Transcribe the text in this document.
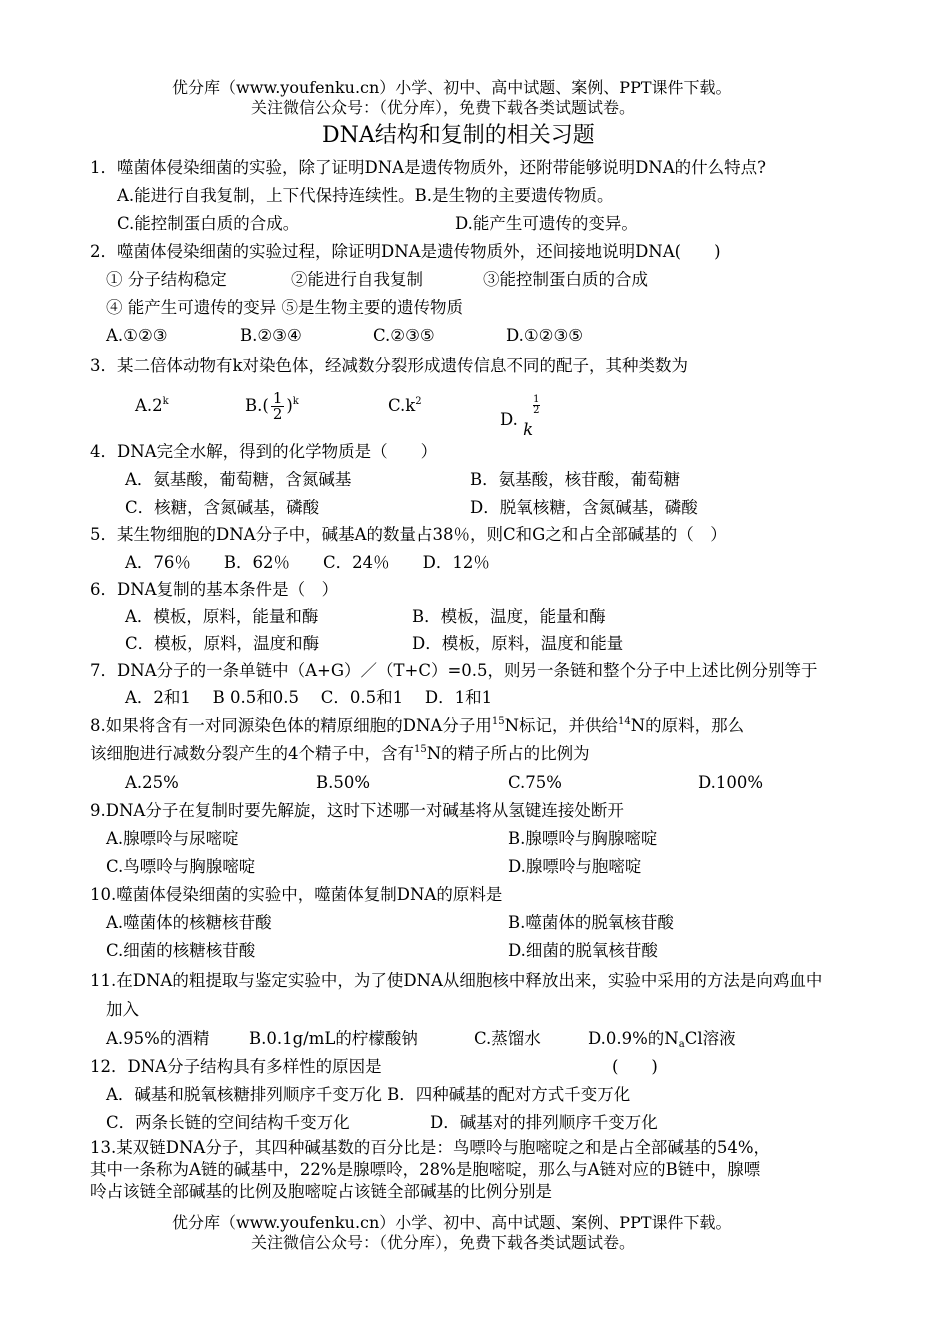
优分库（www.youfenku.cn）小学、初中、高中试题、案例、PPT课件下载。
关注微信公众号：（优分库），免费下载各类试题试卷。
DNA结构和复制的相关习题
1．噬菌体侵染细菌的实验，除了证明DNA是遗传物质外，还附带能够说明DNA的什么特点?
A.能进行自我复制，上下代保持连续性。B.是生物的主要遗传物质。
C.能控制蛋白质的合成。	D.能产生可遗传的变异。
2．噬菌体侵染细菌的实验过程，除证明DNA是遗传物质外，还间接地说明DNA(　　)
① 分子结构稳定	②能进行自我复制	③能控制蛋白质的合成
④ 能产生可遗传的变异 ⑤是生物主要的遗传物质
A.①②③	B.②③④	C.②③⑤	D.①②③⑤
3．某二倍体动物有k对染色体，经减数分裂形成遗传信息不同的配子，其种类数为
A.2$^k$	$B.( \frac{1}{2} )^k$	$C.k^2$
D. k
$\frac{1}{2}$
4．DNA完全水解，得到的化学物质是（　　）
A．氨基酸，葡萄糖，含氮碱基	B．氨基酸，核苷酸，葡萄糖
C．核糖，含氮碱基，磷酸	D．脱氧核糖，含氮碱基，磷酸
5．某生物细胞的DNA分子中，碱基A的数量占38％，则C和G之和占全部碱基的（　）
A．76％　　B．62％　　C．24％　　D．12％
6．DNA复制的基本条件是（　）
A．模板，原料，能量和酶	B．模板，温度，能量和酶
C．模板，原料，温度和酶	D．模板，原料，温度和能量
7．DNA分子的一条单链中（A+G）／（T+C）=0.5，则另一条链和整个分子中上述比例分别等于
A．2和1　 B 0.5和0.5　 C．0.5和1　 D．1和1
8.如果将含有一对同源染色体的精原细胞的DNA分子用$^{15}$N标记，并供给$^{14}$N的原料，那么
该细胞进行减数分裂产生的4个精子中，含有$^{15}$N的精子所占的比例为
A.25%	B.50%	C.75%	D.100%
9.DNA分子在复制时要先解旋，这时下述哪一对碱基将从氢键连接处断开
A.腺嘌呤与尿嘧啶	B.腺嘌呤与胸腺嘧啶
C.鸟嘌呤与胸腺嘧啶	D.腺嘌呤与胞嘧啶
10.噬菌体侵染细菌的实验中，噬菌体复制DNA的原料是
A.噬菌体的核糖核苷酸	B.噬菌体的脱氧核苷酸
C.细菌的核糖核苷酸	D.细菌的脱氧核苷酸
11.在DNA的粗提取与鉴定实验中，为了使DNA从细胞核中释放出来，实验中采用的方法是向鸡血中
加入
A.95%的酒精 B.0.1g/mL的柠檬酸钠	C.蒸馏水	D.0.9%的$N_aCl$溶液
12．DNA分子结构具有多样性的原因是	(　　)
A．碱基和脱氧核糖排列顺序千变万化 B．四种碱基的配对方式千变万化
C．两条长链的空间结构千变万化	D．碱基对的排列顺序千变万化
13.某双链DNA分子，其四种碱基数的百分比是：鸟嘌呤与胞嘧啶之和是占全部碱基的54%，
其中一条称为A链的碱基中，22%是腺嘌呤，28%是胞嘧啶，那么与A链对应的B链中，腺嘌
呤占该链全部碱基的比例及胞嘧啶占该链全部碱基的比例分别是
优分库（www.youfenku.cn）小学、初中、高中试题、案例、PPT课件下载。
关注微信公众号：（优分库），免费下载各类试题试卷。
